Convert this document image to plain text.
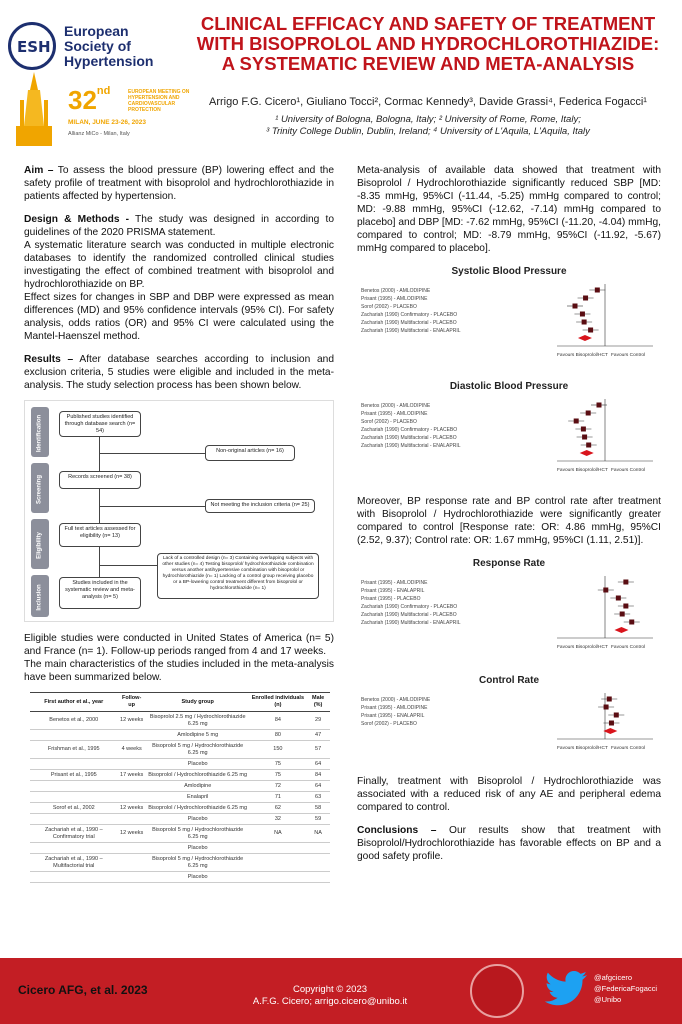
ESH
European
Society of
Hypertension
32nd	EUROPEAN MEETING ON HYPERTENSION AND CARDIOVASCULAR PROTECTION
MILAN, JUNE 23-26, 2023
Allianz MiCo - Milan, Italy
CLINICAL EFFICACY AND SAFETY OF TREATMENT WITH BISOPROLOL AND HYDROCHLOROTHIAZIDE: A SYSTEMATIC REVIEW AND META-ANALYSIS
Arrigo F.G. Cicero¹, Giuliano Tocci², Cormac Kennedy³, Davide Grassi⁴, Federica Fogacci¹
¹ University of Bologna, Bologna, Italy; ² University of Rome, Rome, Italy;
³ Trinity College Dublin, Dublin, Ireland; ⁴ University of L'Aquila, L'Aquila, Italy
Aim – To assess the blood pressure (BP) lowering effect and the safety profile of treatment with bisoprolol and hydrochlorothiazide in patients affected by hypertension.
Design & Methods - The study was designed in according to guidelines of the 2020 PRISMA statement.
A systematic literature search was conducted in multiple electronic databases to identify the randomized controlled clinical studies investigating the effect of combined treatment with bisoprolol and hydrochlorothiazide on BP.
Effect sizes for changes in SBP and DBP were expressed as mean differences (MD) and 95% confidence intervals (95% CI). For safety analysis, odds ratios (OR) and 95% CI were calculated using the Mantel-Haenszel method.
Results – After database searches according to inclusion and exclusion criteria, 5 studies were eligible and included in the meta-analysis. The study selection process has been shown below.
Identification
Screening
Eligibility
Inclusion
Published studies identified through database search (n= 54)
Non-original articles (n= 16)
Records screened (n= 38)
Not meeting the inclusion criteria (n= 25)
Full text articles assessed for eligibility (n= 13)
Lack of a controlled design (n= 3) Containing overlapping subjects with other studies (n= 4) Testing bisoprolol/ hydrochlorothiazide combination versus another antihypertensive combination with bisoprolol or hydrochlorothiazide (n= 1) Lacking of a control group receiving placebo or a BP-lowering control treatment different from bisoprolol or hydrochlorothiazide (n= 1)
Studies included in the systematic review and meta-analysis (n= 5)
Eligible studies were conducted in United States of America (n= 5) and France (n= 1). Follow-up periods ranged from 4 and 17 weeks.
The main characteristics of the studies included in the meta-analysis have been summarized below.
First author et al., year	Follow-up	Study group	Enrolled individuals (n)	Male (%)
Benetos et al., 2000	12 weeks	Bisoprolol 2.5 mg / Hydrochlorothiazide 6.25 mg	84	29
		Amlodipine 5 mg	80	47
Frishman et al., 1995	4 weeks	Bisoprolol 5 mg / Hydrochlorothiazide 6.25 mg	150	57
		Placebo	75	64
Prisant et al., 1995	17 weeks	Bisoprolol / Hydrochlorothiazide 6.25 mg	75	84
		Amlodipine	72	64
		Enalapril	71	63
Sorof et al., 2002	12 weeks	Bisoprolol / Hydrochlorothiazide 6.25 mg	62	58
		Placebo	32	59
Zachariah et al., 1990 – Confirmatory trial	12 weeks	Bisoprolol 5 mg / Hydrochlorothiazide 6.25 mg	NA	NA
		Placebo		
Zachariah et al., 1990 – Multifactorial trial		Bisoprolol 5 mg / Hydrochlorothiazide 6.25 mg		
		Placebo		
Meta-analysis of available data showed that treatment with Bisoprolol / Hydrochlorothiazide significantly reduced SBP [MD: -8.35 mmHg, 95%CI (-11.44, -5.25) mmHg compared to control; MD: -9.88 mmHg, 95%CI (-12.62, -7.14) mmHg compared to placebo] and DBP [MD: -7.62 mmHg, 95%CI (-11.20, -4.04) mmHg, compared to control; MD: -8.79 mmHg, 95%CI (-11.92, -5.67) mmHg compared to placebo].
Systolic Blood Pressure
Benetos (2000) - AMLODIPINE
Prisant (1995) - AMLODIPINE
Sorof (2002) - PLACEBO
Zachariah (1990) Confirmatory - PLACEBO
Zachariah (1990) Multifactorial - PLACEBO
Zachariah (1990) Multifactorial - ENALAPRIL
Favours Bisoprolol/HCT Favours Control
Diastolic Blood Pressure
Benetos (2000) - AMLODIPINE
Prisant (1995) - AMLODIPINE
Sorof (2002) - PLACEBO
Zachariah (1990) Confirmatory - PLACEBO
Zachariah (1990) Multifactorial - PLACEBO
Zachariah (1990) Multifactorial - ENALAPRIL
Favours Bisoprolol/HCT Favours Control
Moreover, BP response rate and BP control rate after treatment with Bisoprolol / Hydrochlorothiazide were significantly greater compared to control [Response rate: OR: 4.86 mmHg, 95%CI (2.52, 9.37); Control rate: OR: 1.67 mmHg, 95%CI (1.11, 2.51)].
Response Rate
Prisant (1995) - AMLODIPINE
Prisant (1995) - ENALAPRIL
Prisant (1995) - PLACEBO
Zachariah (1990) Confirmatory - PLACEBO
Zachariah (1990) Multifactorial - PLACEBO
Zachariah (1990) Multifactorial - ENALAPRIL
Favours Bisoprolol/HCT Favours Control
Control Rate
Benetos (2000) - AMLODIPINE
Prisant (1995) - AMLODIPINE
Prisant (1995) - ENALAPRIL
Sorof (2002) - PLACEBO
Favours Bisoprolol/HCT Favours Control
Finally, treatment with Bisoprolol / Hydrochlorothiazide was associated with a reduced risk of any AE and peripheral edema compared to control.
Conclusions – Our results show that treatment with Bisoprolol/Hydrochlorothiazide has favorable effects on BP and a good safety profile.
Cicero AFG, et al. 2023	Copyright © 2023
A.F.G. Cicero; arrigo.cicero@unibo.it
@afgcicero
@FedericaFogacci
@Unibo
